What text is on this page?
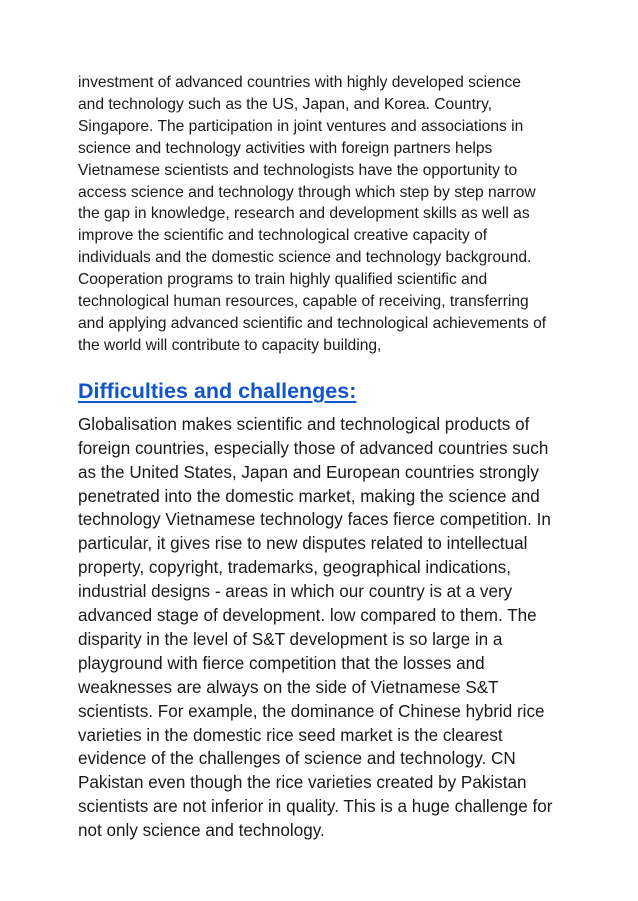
investment of advanced countries with highly developed science
and technology such as the US, Japan, and Korea. Country,
Singapore. The participation in joint ventures and associations in
science and technology activities with foreign partners helps
Vietnamese scientists and technologists have the opportunity to
access science and technology through which step by step narrow
the gap in knowledge, research and development skills as well as
improve the scientific and technological creative capacity of
individuals and the domestic science and technology background.
Cooperation programs to train highly qualified scientific and
technological human resources, capable of receiving, transferring
and applying advanced scientific and technological achievements of
the world will contribute to capacity building,

Difficulties and challenges:

Globalisation makes scientific and technological products of
foreign countries, especially those of advanced countries such
as the United States, Japan and European countries strongly
penetrated into the domestic market, making the science and
technology Vietnamese technology faces fierce competition. In
particular, it gives rise to new disputes related to intellectual
property, copyright, trademarks, geographical indications,
industrial designs - areas in which our country is at a very
advanced stage of development. low compared to them. The
disparity in the level of S&T development is so large in a
playground with fierce competition that the losses and
weaknesses are always on the side of Vietnamese S&T
scientists. For example, the dominance of Chinese hybrid rice
varieties in the domestic rice seed market is the clearest
evidence of the challenges of science and technology. CN
Pakistan even though the rice varieties created by Pakistan
scientists are not inferior in quality. This is a huge challenge for
not only science and technology.
